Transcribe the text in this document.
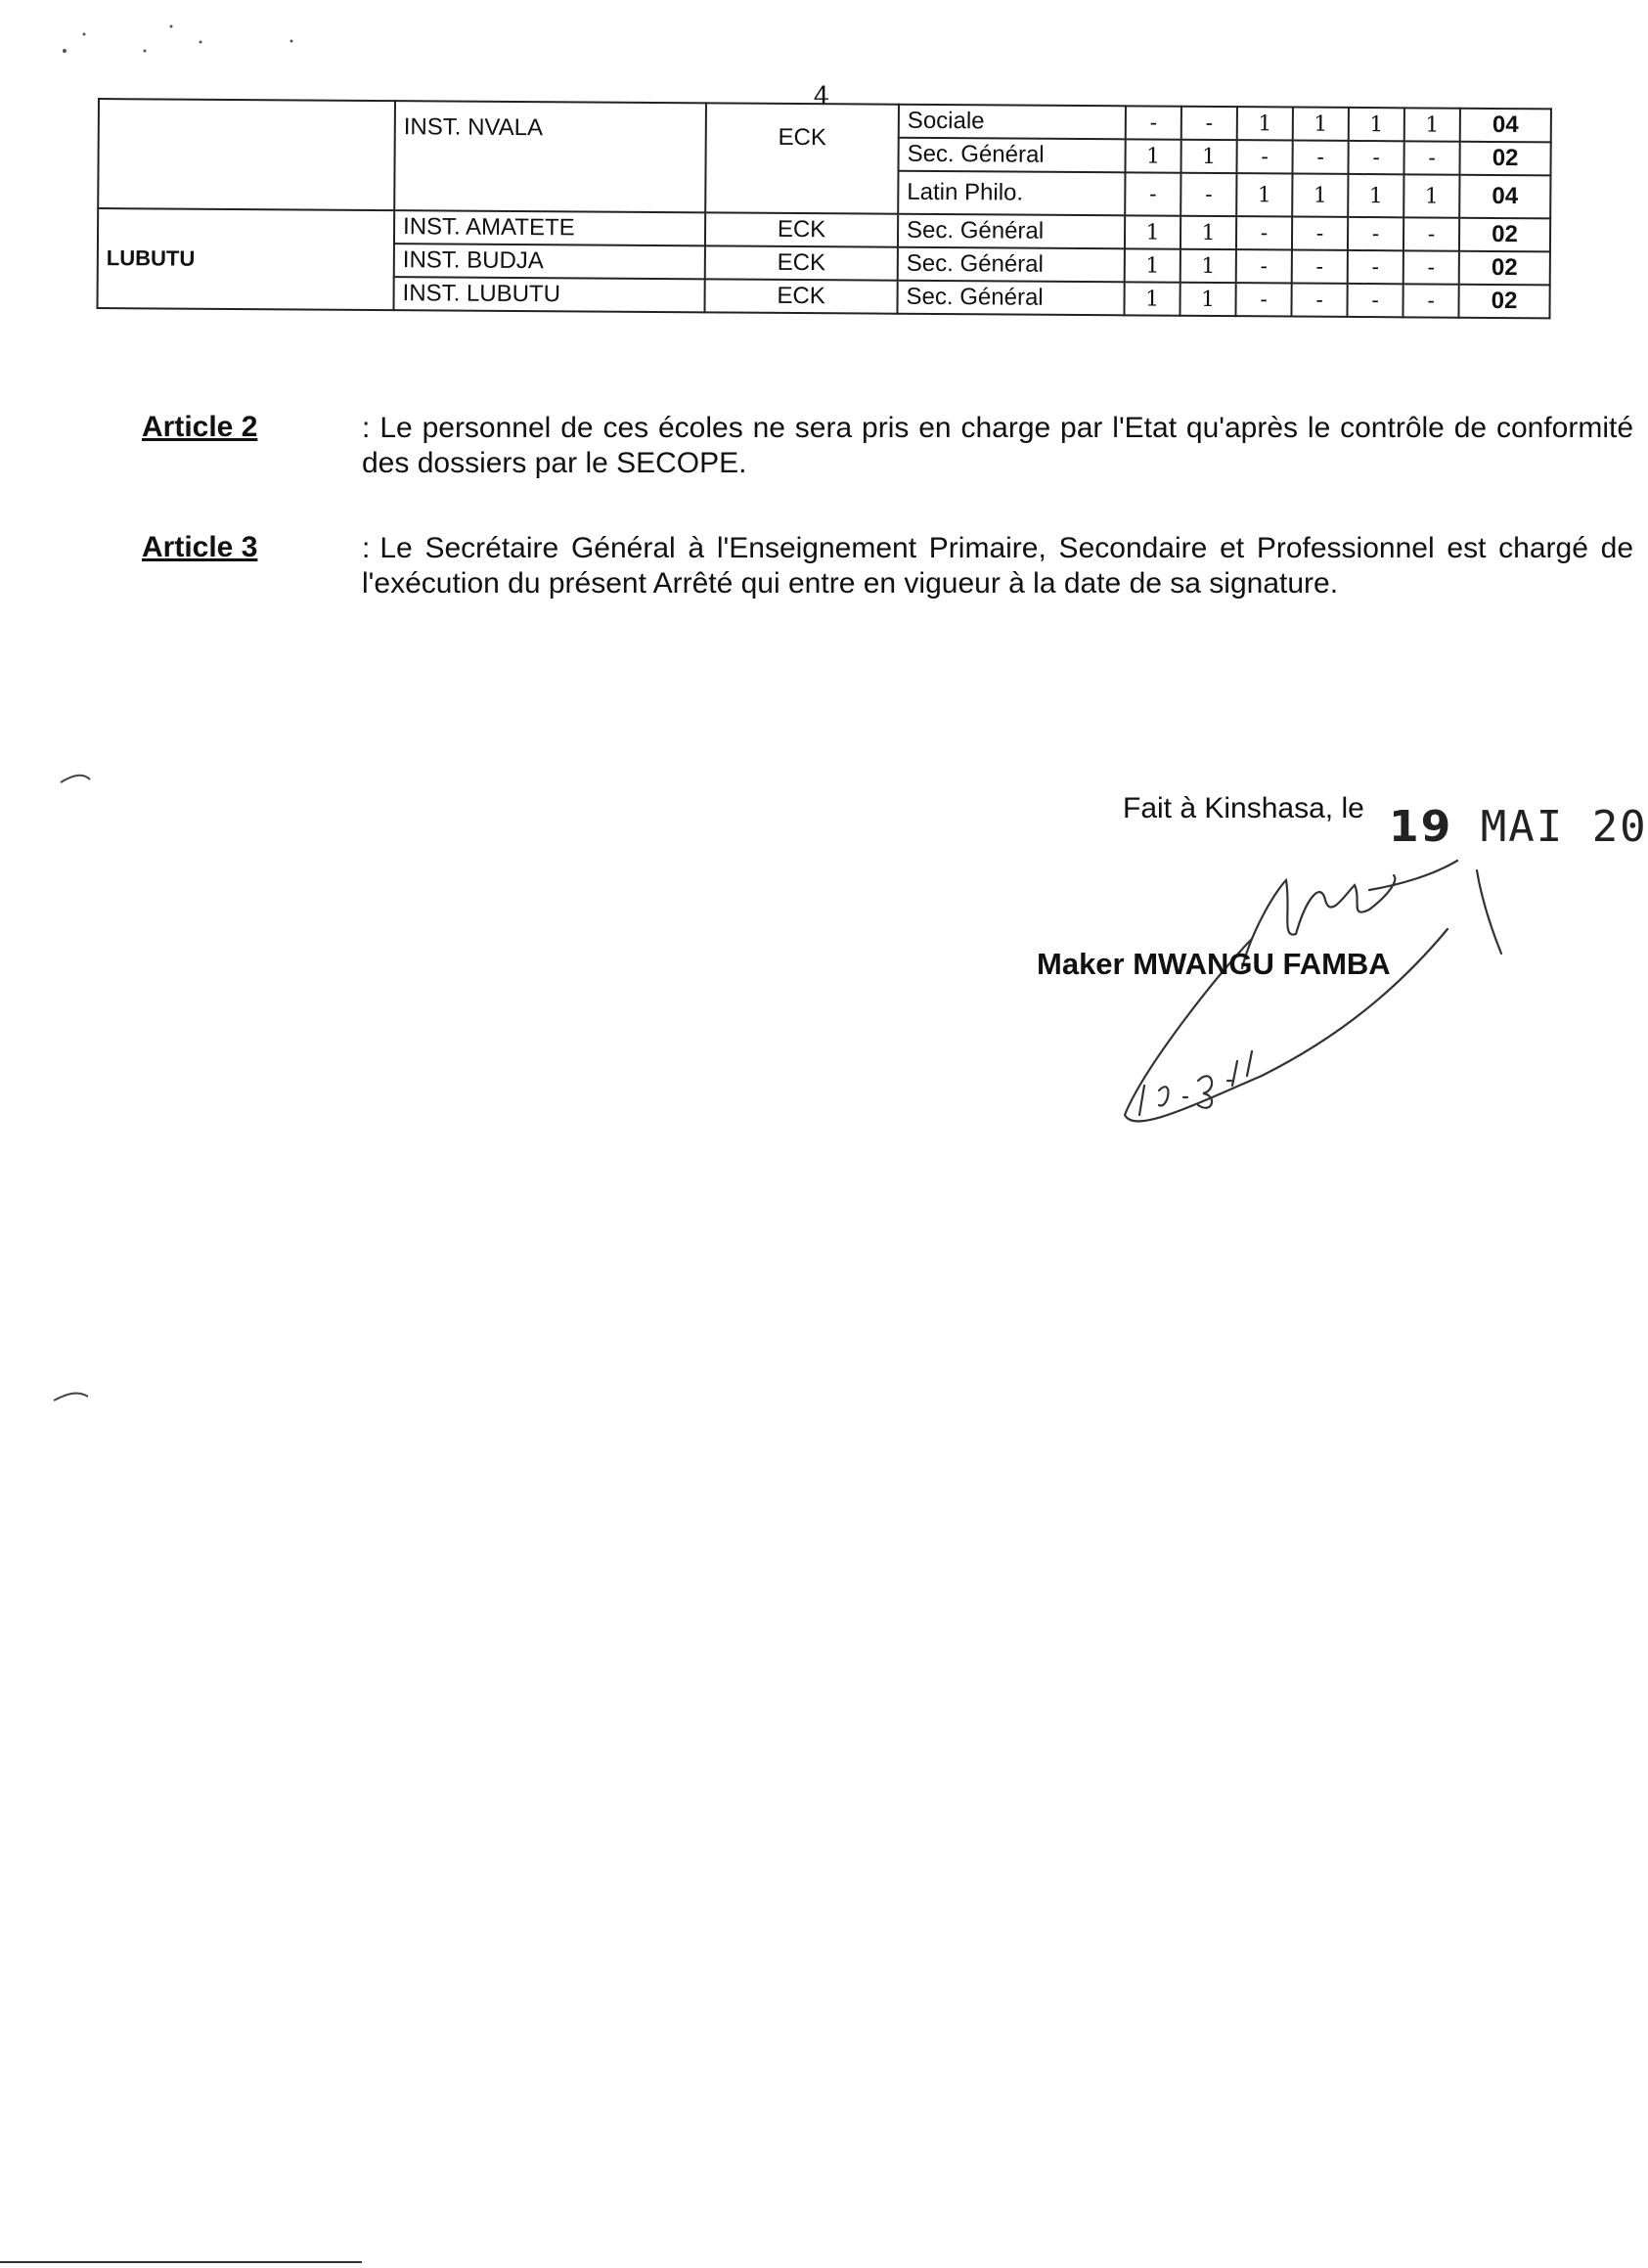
4
	INST. NVALA	ECK	Sociale	-	-	1	1	1	1	04
			Sec. Général	1	1	-	-	-	-	02
			Latin Philo.	-	-	1	1	1	1	04
LUBUTU	INST. AMATETE	ECK	Sec. Général	1	1	-	-	-	-	02
	INST. BUDJA	ECK	Sec. Général	1	1	-	-	-	-	02
	INST. LUBUTU	ECK	Sec. Général	1	1	-	-	-	-	02
Article 2	: Le personnel de ces écoles ne sera pris en charge par l'Etat qu'après le contrôle de conformité des dossiers par le SECOPE.
Article 3	: Le Secrétaire Général à l'Enseignement Primaire, Secondaire et Professionnel est chargé de l'exécution du présent Arrêté qui entre en vigueur à la date de sa signature.
Fait à Kinshasa, le 19 MAI 20
Maker MWANGU FAMBA
